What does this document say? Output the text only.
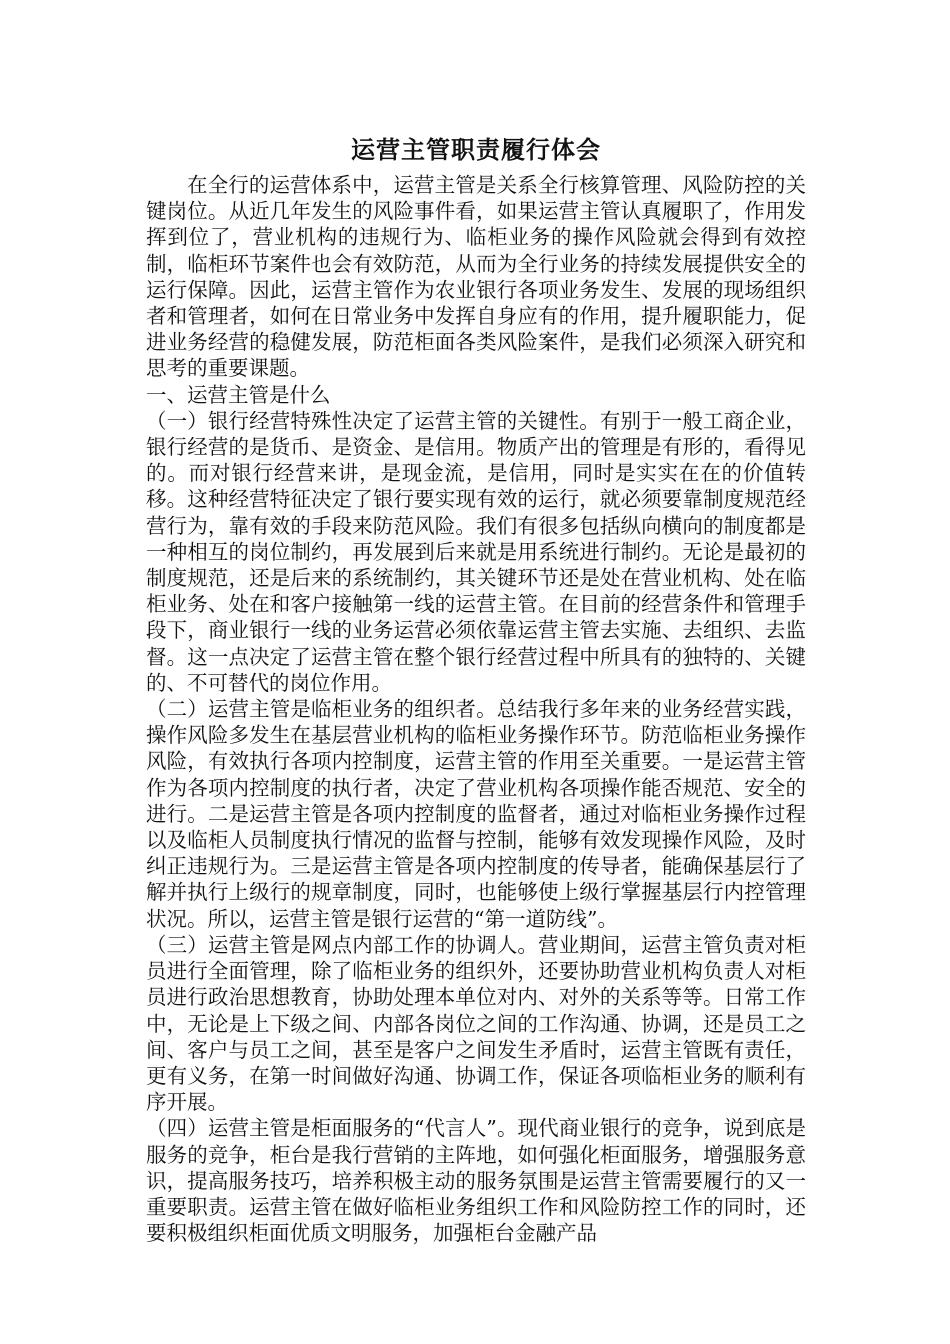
运营主管职责履行体会

在全行的运营体系中，运营主管是关系全行核算管理、风险防控的关键岗位。从近几年发生的风险事件看，如果运营主管认真履职了，作用发挥到位了，营业机构的违规行为、临柜业务的操作风险就会得到有效控制，临柜环节案件也会有效防范，从而为全行业务的持续发展提供安全的运行保障。因此，运营主管作为农业银行各项业务发生、发展的现场组织者和管理者，如何在日常业务中发挥自身应有的作用，提升履职能力，促进业务经营的稳健发展，防范柜面各类风险案件，是我们必须深入研究和思考的重要课题。

一、运营主管是什么

（一）银行经营特殊性决定了运营主管的关键性。有别于一般工商企业，银行经营的是货币、是资金、是信用。物质产出的管理是有形的，看得见的。而对银行经营来讲，是现金流，是信用，同时是实实在在的价值转移。这种经营特征决定了银行要实现有效的运行，就必须要靠制度规范经营行为，靠有效的手段来防范风险。我们有很多包括纵向横向的制度都是一种相互的岗位制约，再发展到后来就是用系统进行制约。无论是最初的制度规范，还是后来的系统制约，其关键环节还是处在营业机构、处在临柜业务、处在和客户接触第一线的运营主管。在目前的经营条件和管理手段下，商业银行一线的业务运营必须依靠运营主管去实施、去组织、去监督。这一点决定了运营主管在整个银行经营过程中所具有的独特的、关键的、不可替代的岗位作用。

（二）运营主管是临柜业务的组织者。总结我行多年来的业务经营实践，操作风险多发生在基层营业机构的临柜业务操作环节。防范临柜业务操作风险，有效执行各项内控制度，运营主管的作用至关重要。一是运营主管作为各项内控制度的执行者，决定了营业机构各项操作能否规范、安全的进行。二是运营主管是各项内控制度的监督者，通过对临柜业务操作过程以及临柜人员制度执行情况的监督与控制，能够有效发现操作风险，及时纠正违规行为。三是运营主管是各项内控制度的传导者，能确保基层行了解并执行上级行的规章制度，同时，也能够使上级行掌握基层行内控管理状况。所以，运营主管是银行运营的“第一道防线”。

（三）运营主管是网点内部工作的协调人。营业期间，运营主管负责对柜员进行全面管理，除了临柜业务的组织外，还要协助营业机构负责人对柜员进行政治思想教育，协助处理本单位对内、对外的关系等等。日常工作中，无论是上下级之间、内部各岗位之间的工作沟通、协调，还是员工之间、客户与员工之间，甚至是客户之间发生矛盾时，运营主管既有责任，更有义务，在第一时间做好沟通、协调工作，保证各项临柜业务的顺利有序开展。

（四）运营主管是柜面服务的“代言人”。现代商业银行的竞争，说到底是服务的竞争，柜台是我行营销的主阵地，如何强化柜面服务，增强服务意识，提高服务技巧，培养积极主动的服务氛围是运营主管需要履行的又一重要职责。运营主管在做好临柜业务组织工作和风险防控工作的同时，还要积极组织柜面优质文明服务，加强柜台金融产品
